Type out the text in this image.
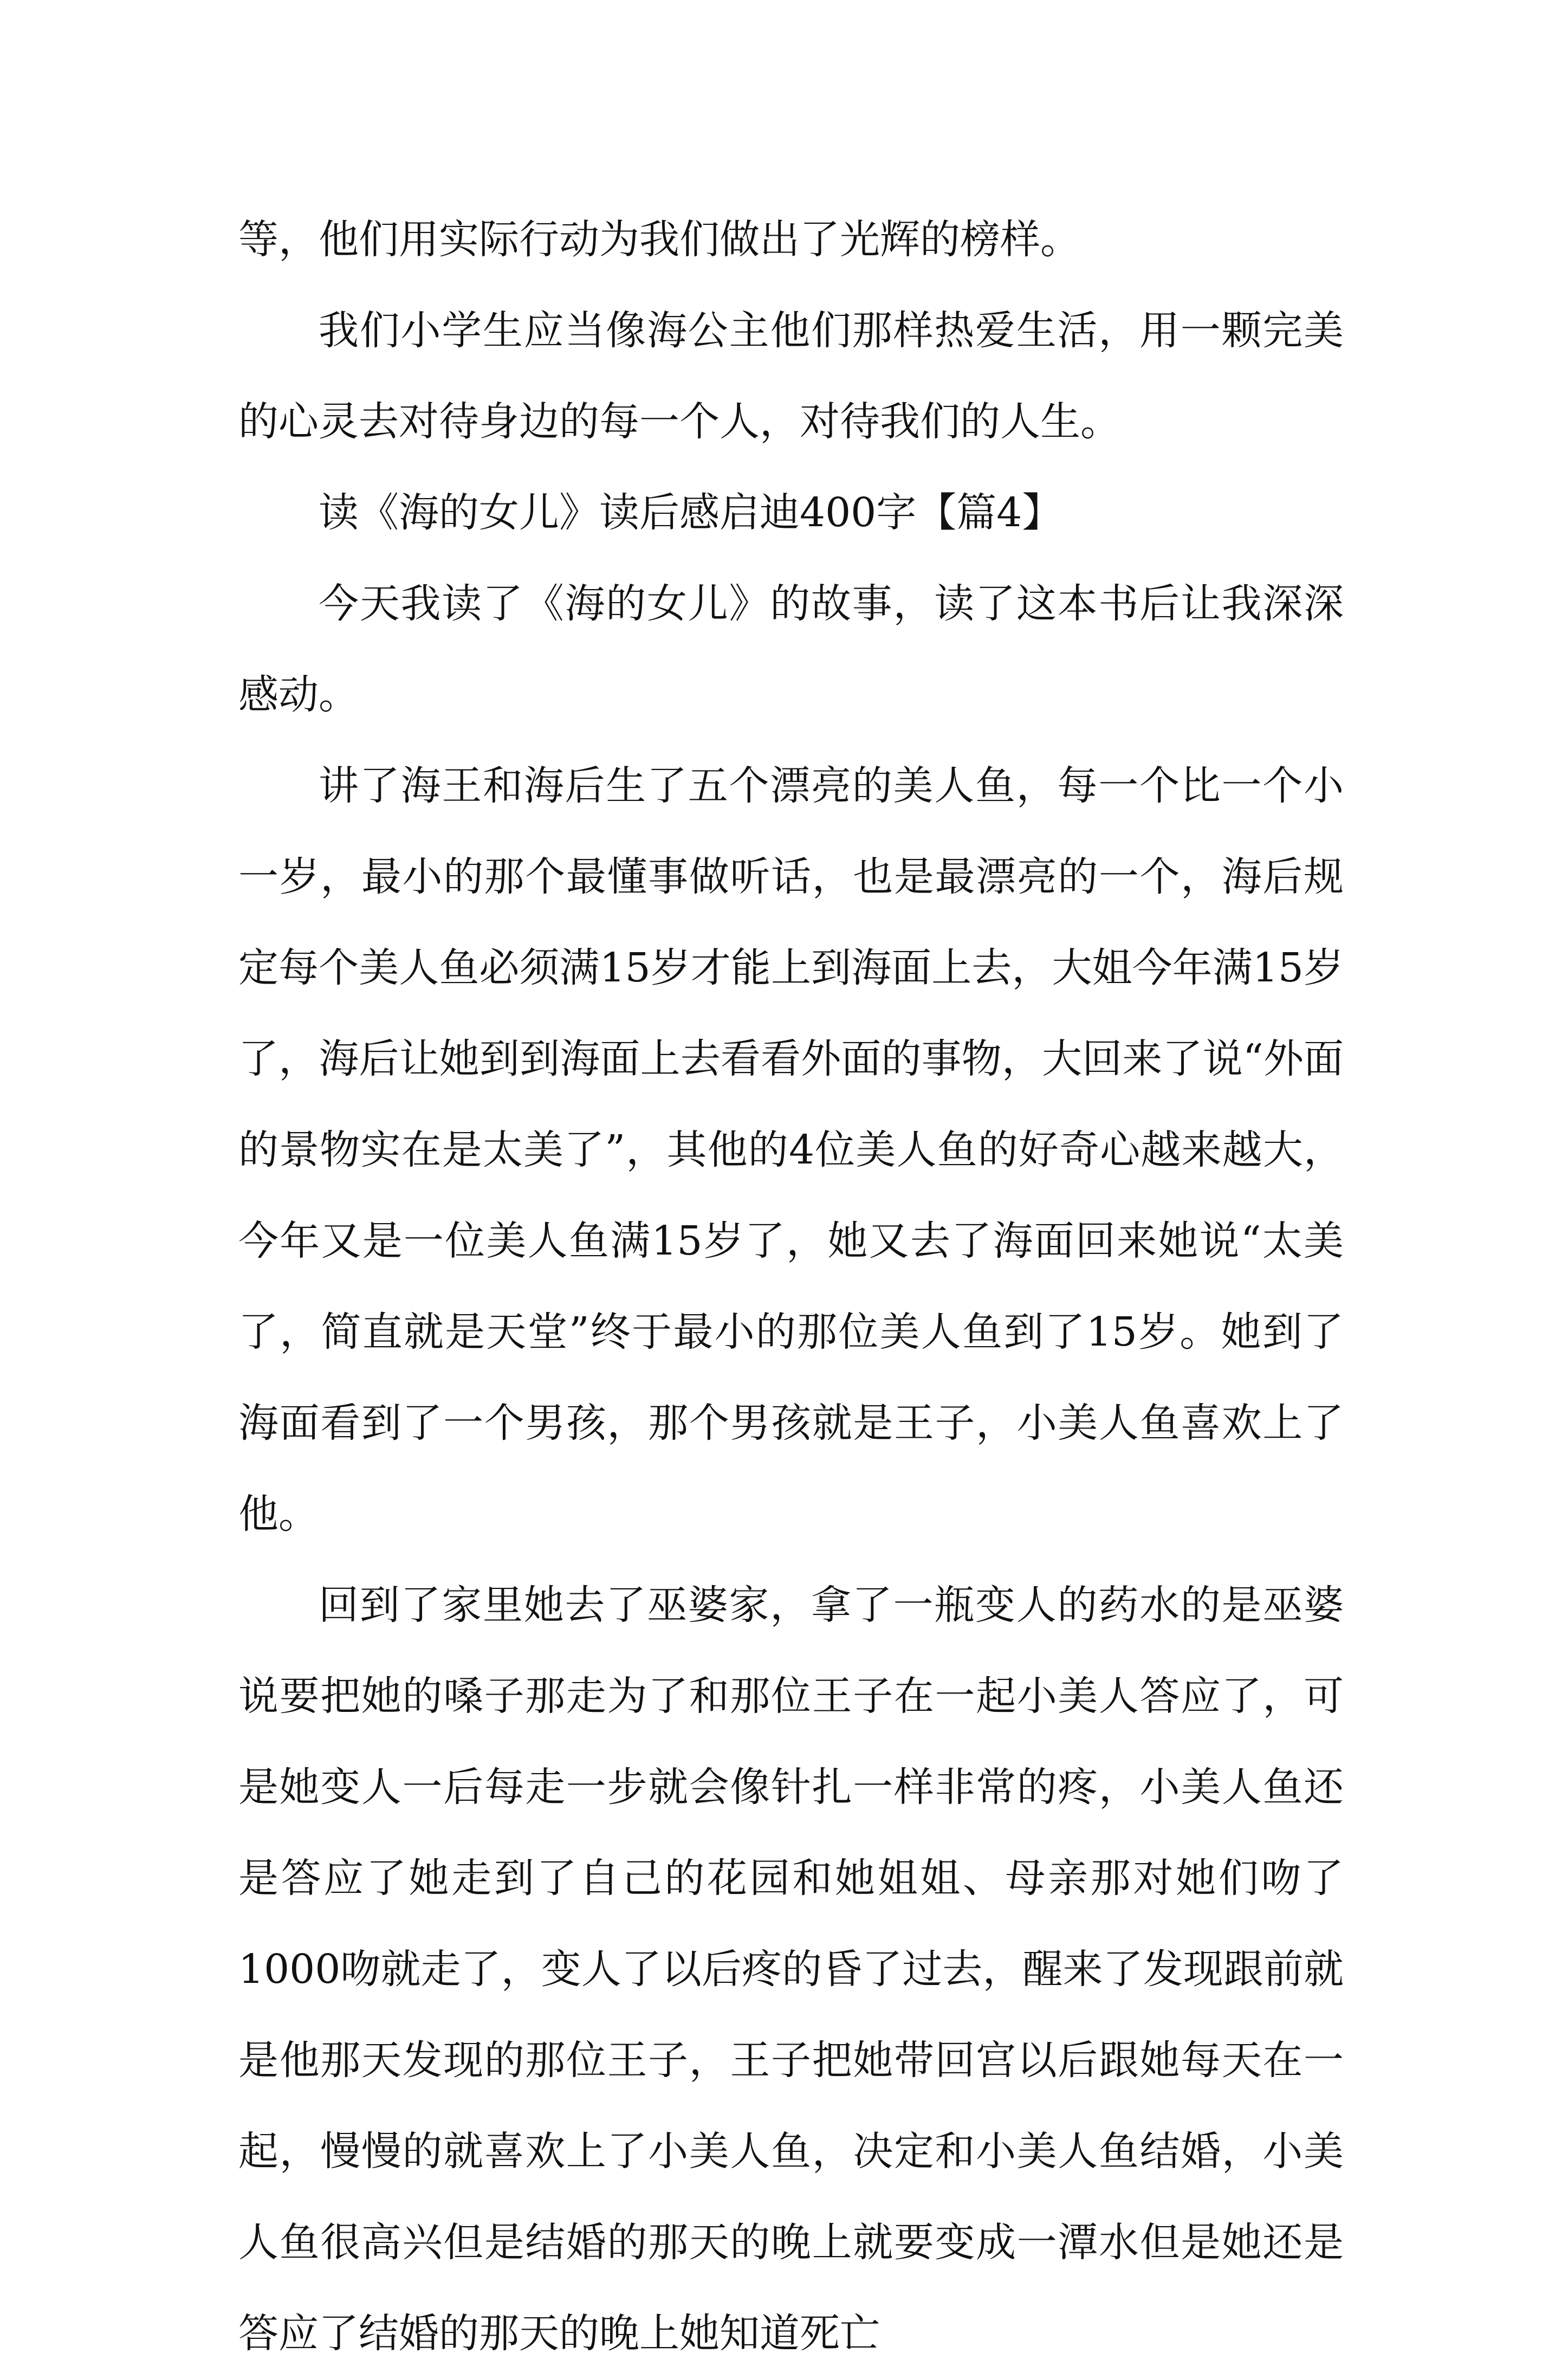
等，他们用实际行动为我们做出了光辉的榜样。

我们小学生应当像海公主他们那样热爱生活，用一颗完美的心灵去对待身边的每一个人，对待我们的人生。

读《海的女儿》读后感启迪400字【篇4】

今天我读了《海的女儿》的故事，读了这本书后让我深深感动。

讲了海王和海后生了五个漂亮的美人鱼，每一个比一个小一岁，最小的那个最懂事做听话，也是最漂亮的一个，海后规定每个美人鱼必须满15岁才能上到海面上去，大姐今年满15岁了，海后让她到到海面上去看看外面的事物，大回来了说“外面的景物实在是太美了”，其他的4位美人鱼的好奇心越来越大，今年又是一位美人鱼满15岁了，她又去了海面回来她说“太美了，简直就是天堂”终于最小的那位美人鱼到了15岁。她到了海面看到了一个男孩，那个男孩就是王子，小美人鱼喜欢上了他。

回到了家里她去了巫婆家，拿了一瓶变人的药水的是巫婆说要把她的嗓子那走为了和那位王子在一起小美人答应了，可是她变人一后每走一步就会像针扎一样非常的疼，小美人鱼还是答应了她走到了自己的花园和她姐姐、母亲那对她们吻了1000吻就走了，变人了以后疼的昏了过去，醒来了发现跟前就是他那天发现的那位王子，王子把她带回宫以后跟她每天在一起，慢慢的就喜欢上了小美人鱼，决定和小美人鱼结婚，小美人鱼很高兴但是结婚的那天的晚上就要变成一潭水但是她还是答应了结婚的那天的晚上她知道死亡
